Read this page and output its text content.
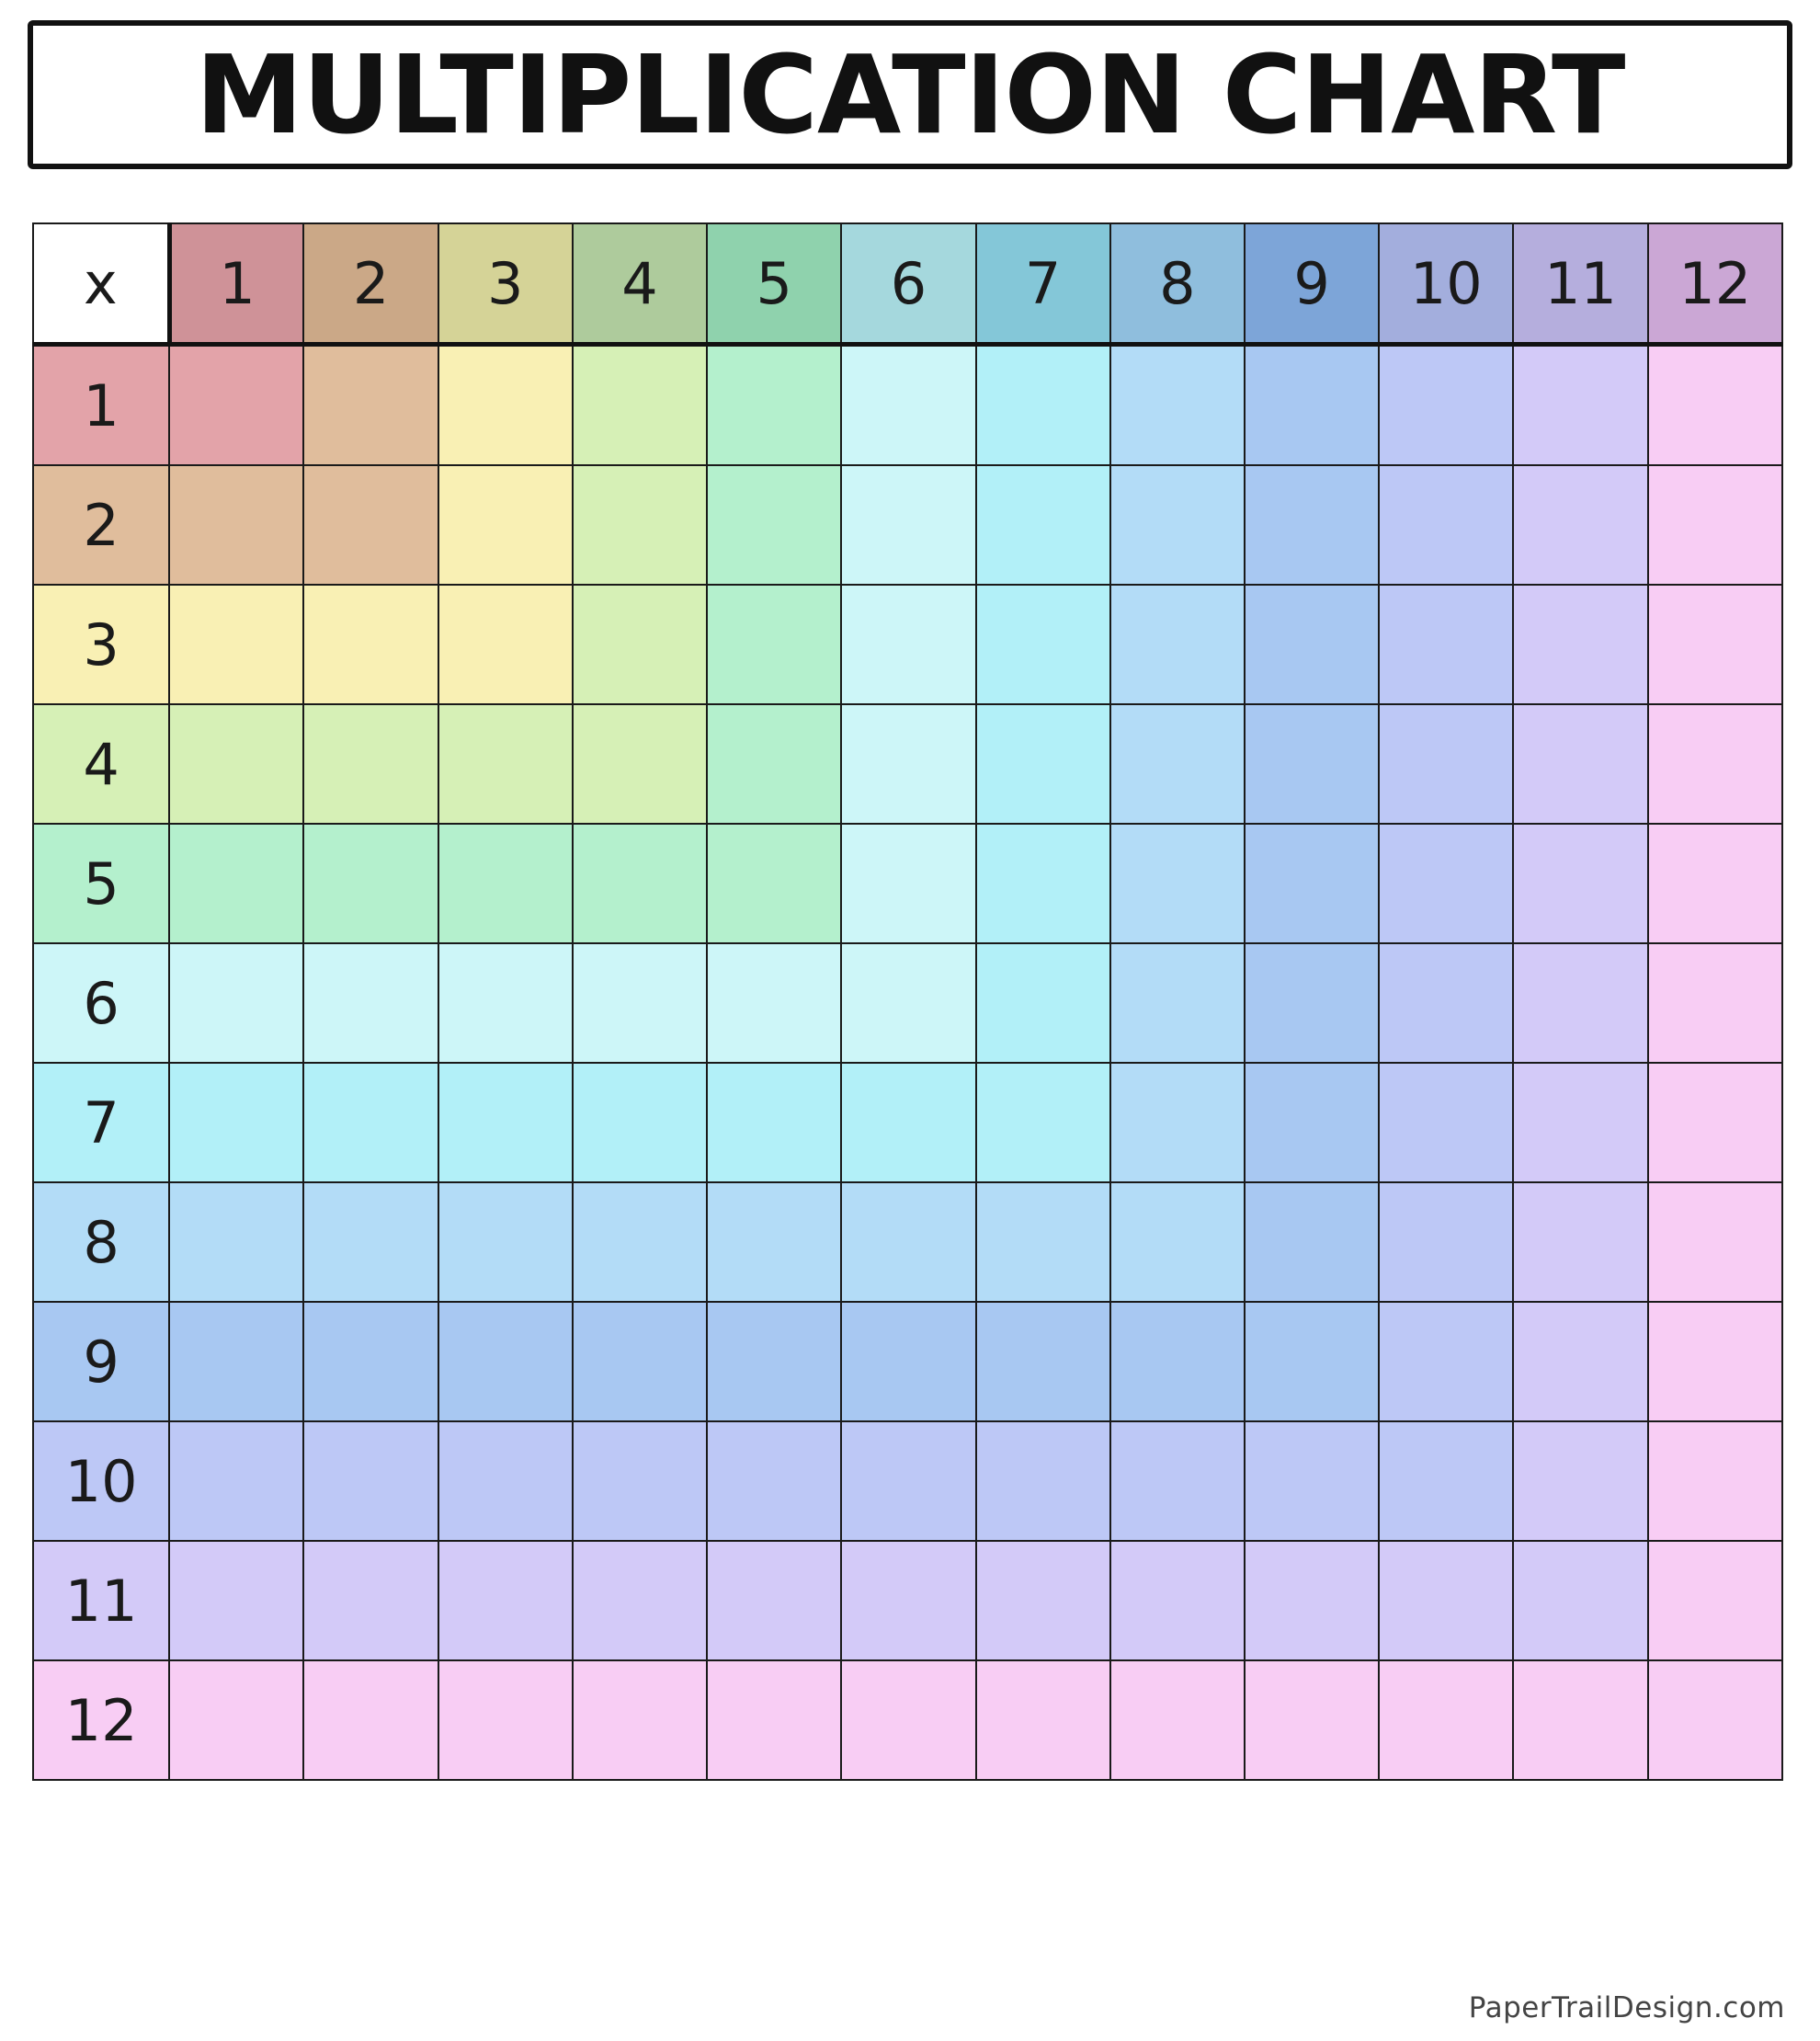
MULTIPLICATION CHART
x	1	2	3	4	5	6	7	8	9	10	11	12
1												
2												
3												
4												
5												
6												
7												
8												
9												
10												
11												
12												
PaperTrailDesign.com
